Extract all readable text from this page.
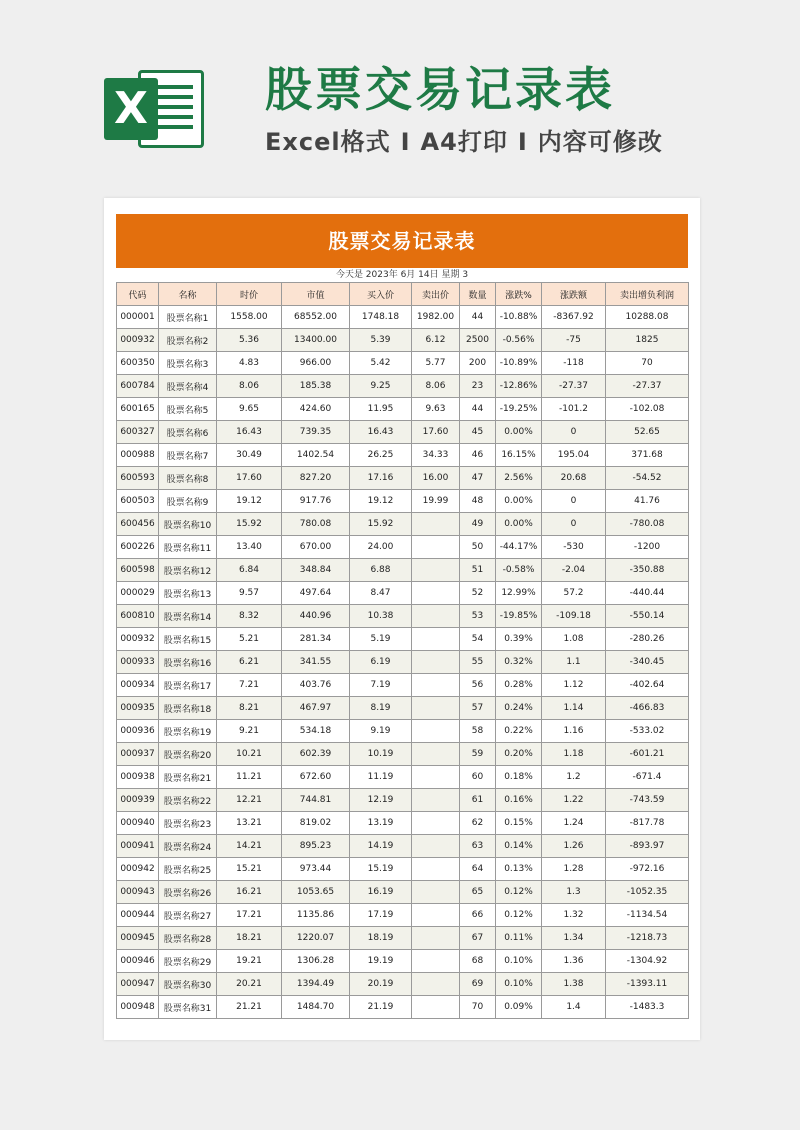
X 股票交易记录表

Excel格式 I A4打印 I 内容可修改

股票交易记录表
今天是 2023年 6月 14日 星期 3
代码	名称	时价	市值	买入价	卖出价	数量	涨跌%	涨跌额	卖出增负利润
000001	股票名称1	1558.00	68552.00	1748.18	1982.00	44	-10.88%	-8367.92	10288.08
000932	股票名称2	5.36	13400.00	5.39	6.12	2500	-0.56%	-75	1825
600350	股票名称3	4.83	966.00	5.42	5.77	200	-10.89%	-118	70
600784	股票名称4	8.06	185.38	9.25	8.06	23	-12.86%	-27.37	-27.37
600165	股票名称5	9.65	424.60	11.95	9.63	44	-19.25%	-101.2	-102.08
600327	股票名称6	16.43	739.35	16.43	17.60	45	0.00%	0	52.65
000988	股票名称7	30.49	1402.54	26.25	34.33	46	16.15%	195.04	371.68
600593	股票名称8	17.60	827.20	17.16	16.00	47	2.56%	20.68	-54.52
600503	股票名称9	19.12	917.76	19.12	19.99	48	0.00%	0	41.76
600456	股票名称10	15.92	780.08	15.92		49	0.00%	0	-780.08
600226	股票名称11	13.40	670.00	24.00		50	-44.17%	-530	-1200
600598	股票名称12	6.84	348.84	6.88		51	-0.58%	-2.04	-350.88
000029	股票名称13	9.57	497.64	8.47		52	12.99%	57.2	-440.44
600810	股票名称14	8.32	440.96	10.38		53	-19.85%	-109.18	-550.14
000932	股票名称15	5.21	281.34	5.19		54	0.39%	1.08	-280.26
000933	股票名称16	6.21	341.55	6.19		55	0.32%	1.1	-340.45
000934	股票名称17	7.21	403.76	7.19		56	0.28%	1.12	-402.64
000935	股票名称18	8.21	467.97	8.19		57	0.24%	1.14	-466.83
000936	股票名称19	9.21	534.18	9.19		58	0.22%	1.16	-533.02
000937	股票名称20	10.21	602.39	10.19		59	0.20%	1.18	-601.21
000938	股票名称21	11.21	672.60	11.19		60	0.18%	1.2	-671.4
000939	股票名称22	12.21	744.81	12.19		61	0.16%	1.22	-743.59
000940	股票名称23	13.21	819.02	13.19		62	0.15%	1.24	-817.78
000941	股票名称24	14.21	895.23	14.19		63	0.14%	1.26	-893.97
000942	股票名称25	15.21	973.44	15.19		64	0.13%	1.28	-972.16
000943	股票名称26	16.21	1053.65	16.19		65	0.12%	1.3	-1052.35
000944	股票名称27	17.21	1135.86	17.19		66	0.12%	1.32	-1134.54
000945	股票名称28	18.21	1220.07	18.19		67	0.11%	1.34	-1218.73
000946	股票名称29	19.21	1306.28	19.19		68	0.10%	1.36	-1304.92
000947	股票名称30	20.21	1394.49	20.19		69	0.10%	1.38	-1393.11
000948	股票名称31	21.21	1484.70	21.19		70	0.09%	1.4	-1483.3
